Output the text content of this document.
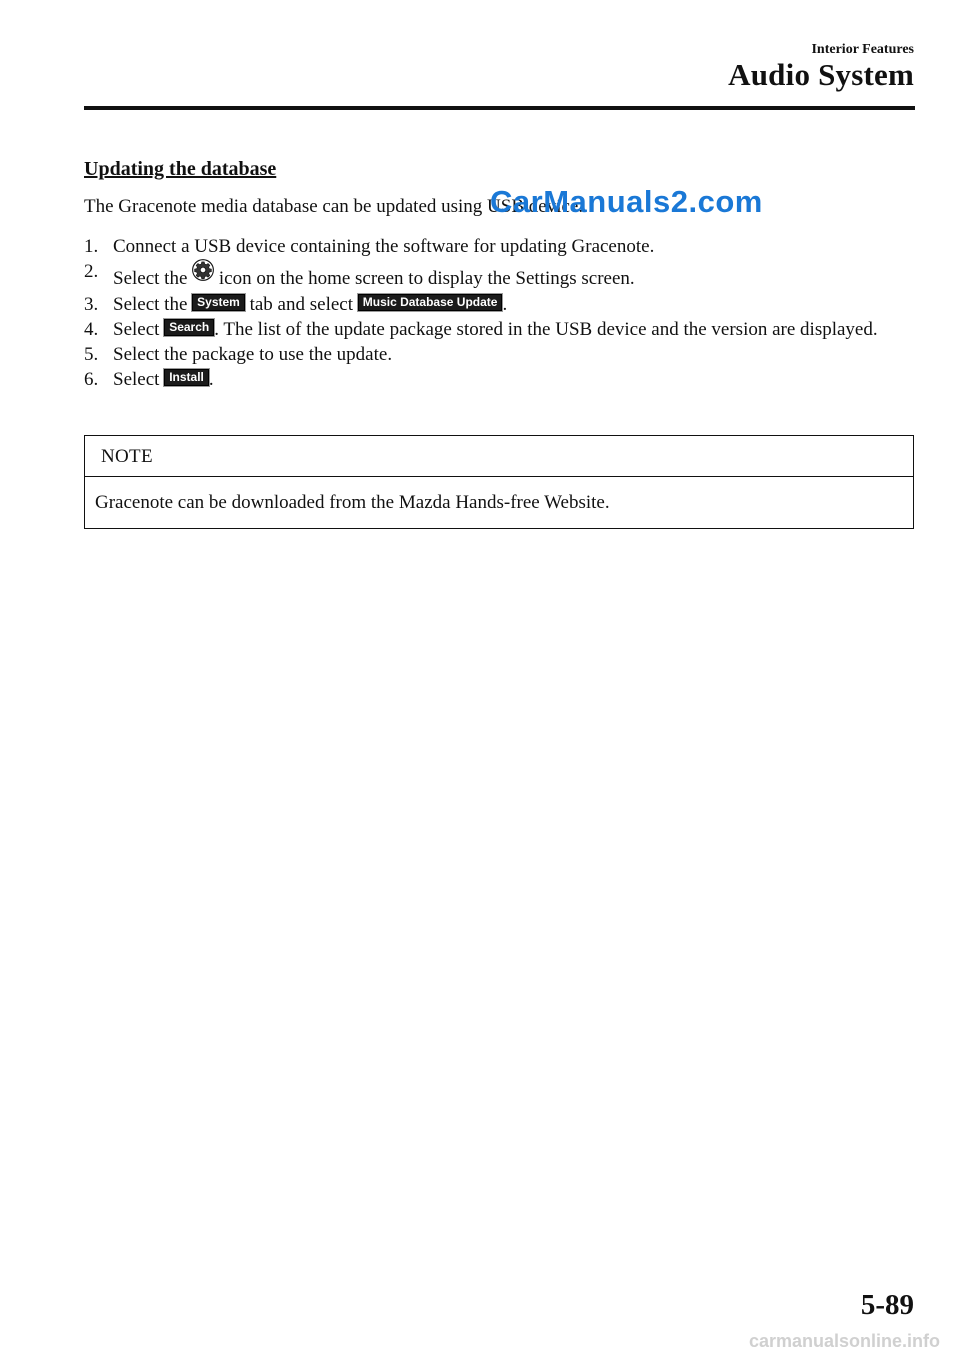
Interior Features
Audio System
Updating the database
The Gracenote media database can be updated using USB device.
CarManuals2.com
1. Connect a USB device containing the software for updating Gracenote.
2. Select the icon on the home screen to display the Settings screen.
3. Select the System tab and select Music Database Update .
4. Select Search . The list of the update package stored in the USB device and the version are displayed.
5. Select the package to use the update.
6. Select Install .
NOTE
Gracenote can be downloaded from the Mazda Hands-free Website.
5-89
carmanualsonline.info
